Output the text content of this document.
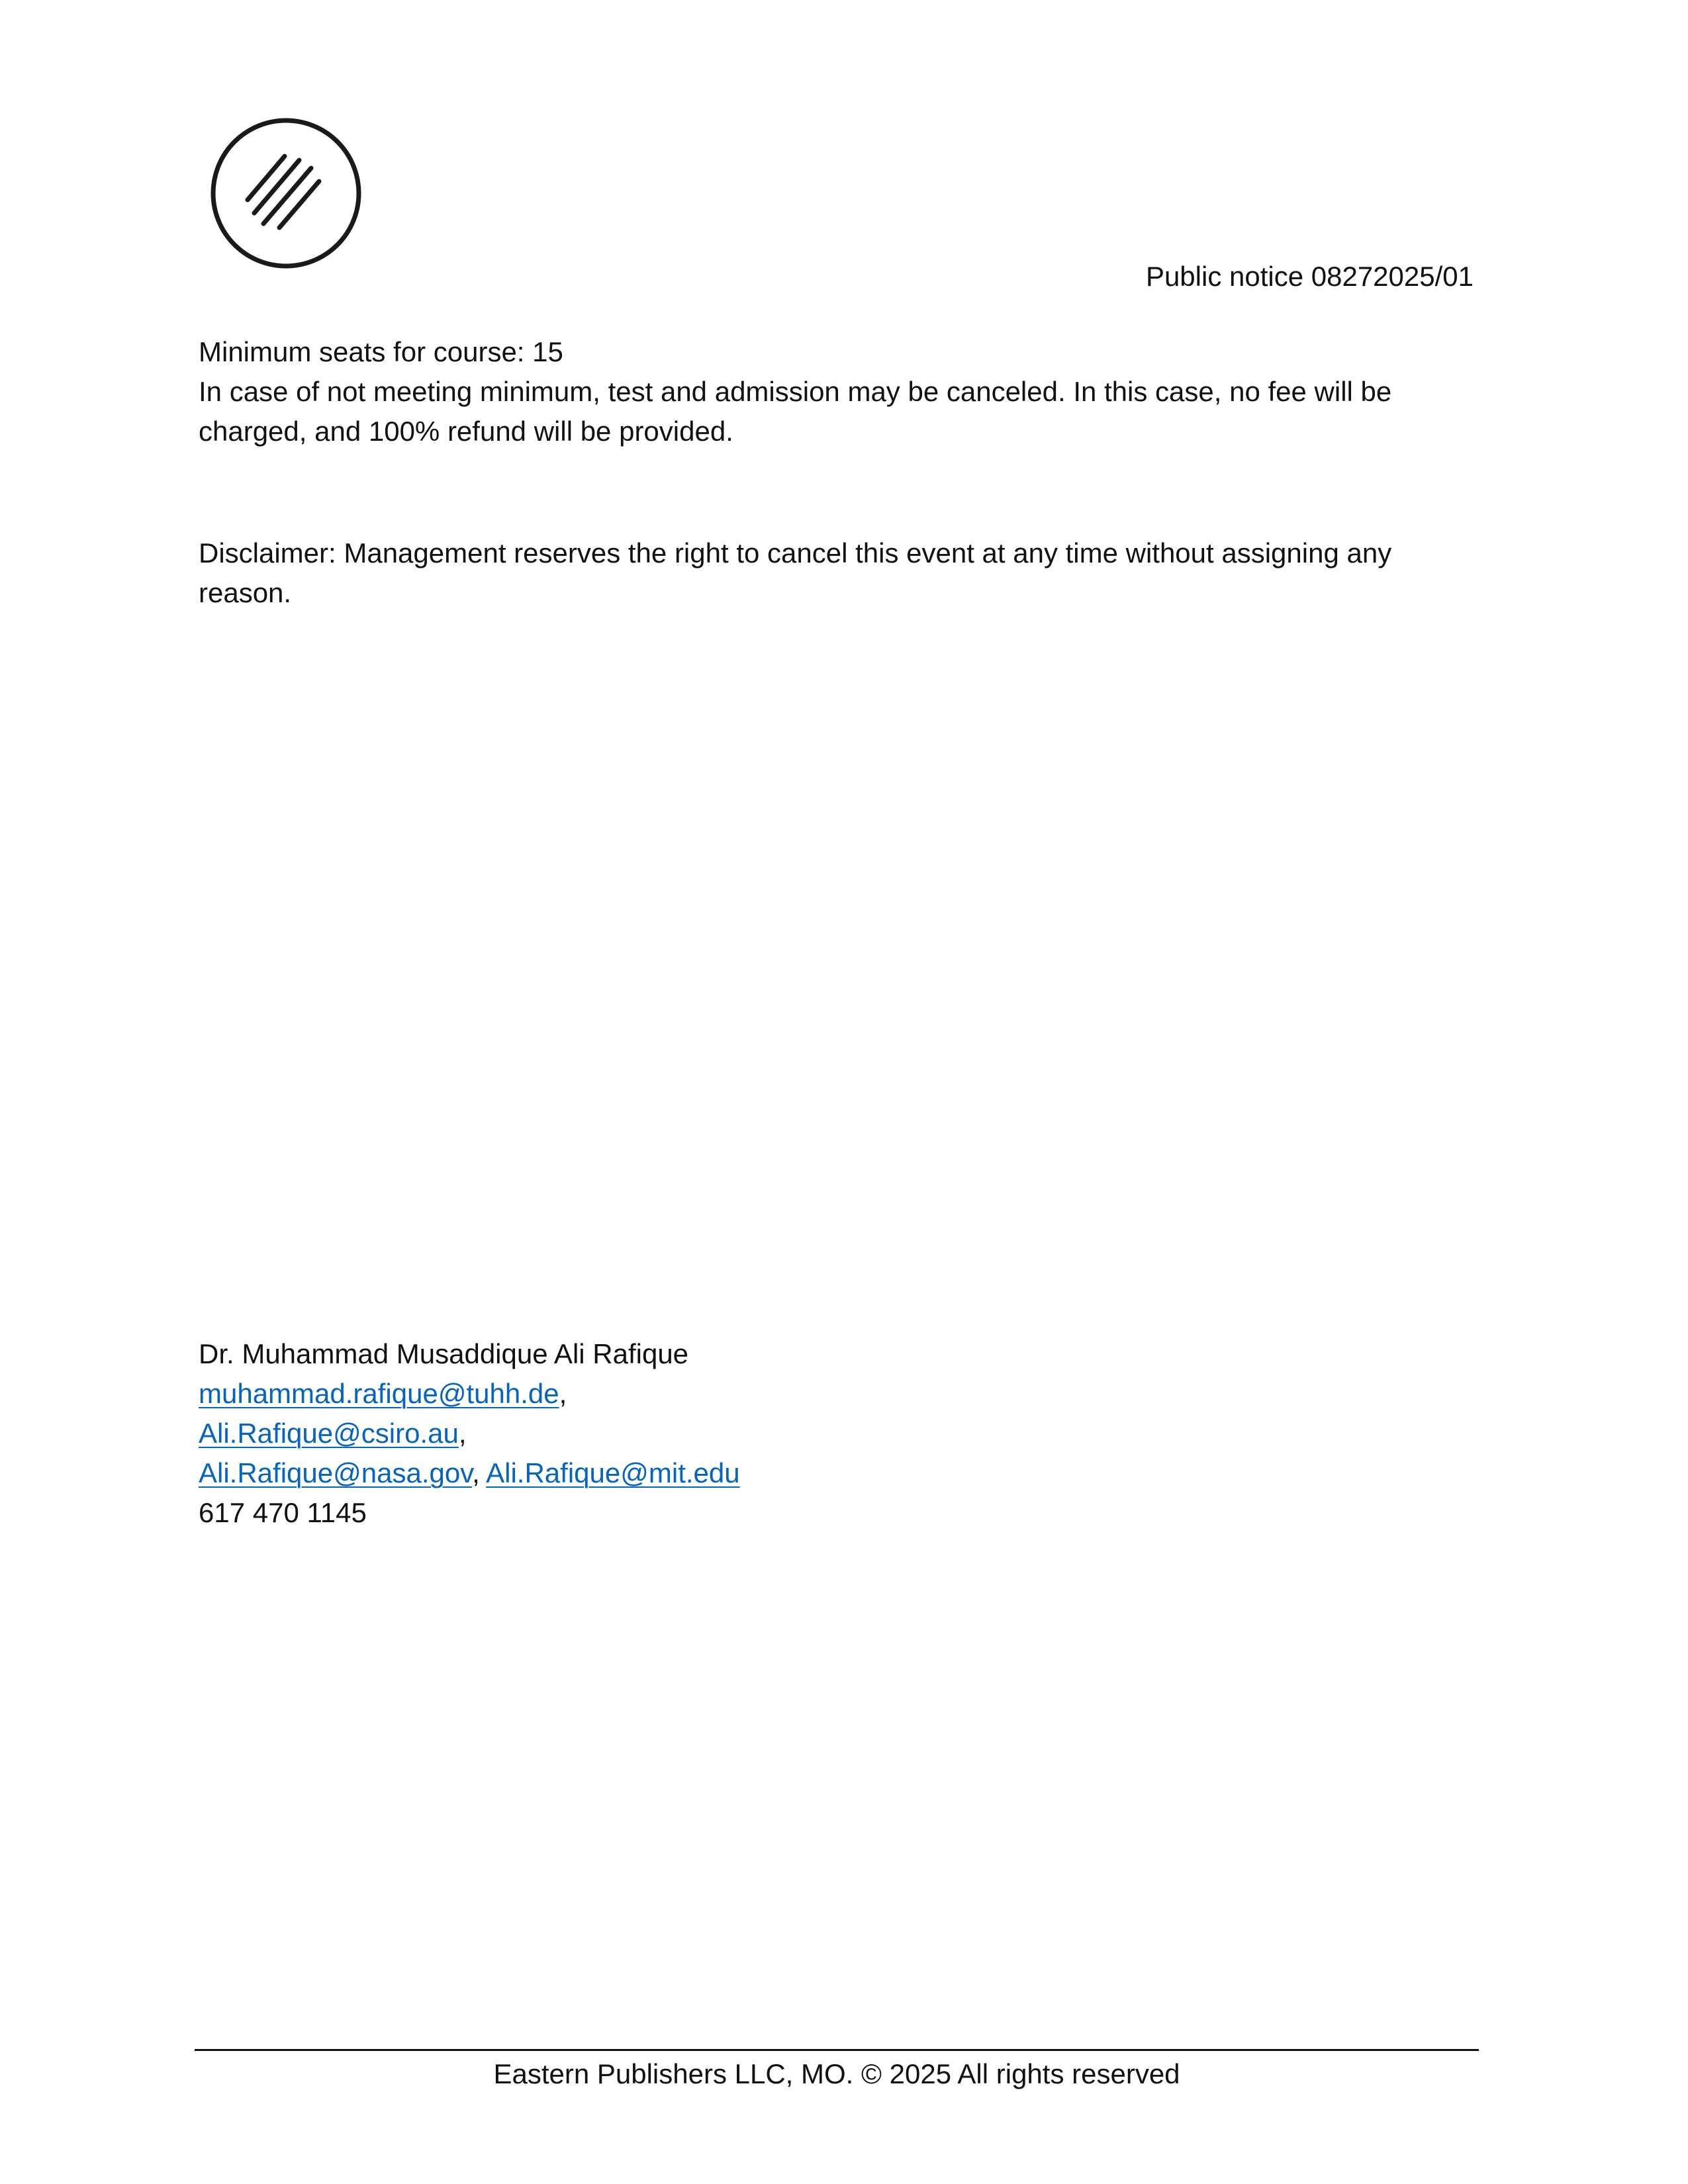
Public notice 08272025/01

Minimum seats for course: 15

In case of not meeting minimum, test and admission may be canceled. In this case, no fee will be charged, and 100% refund will be provided.

Disclaimer: Management reserves the right to cancel this event at any time without assigning any reason.

Dr. Muhammad Musaddique Ali Rafique

muhammad.rafique@tuhh.de,

Ali.Rafique@csiro.au,

Ali.Rafique@nasa.gov, Ali.Rafique@mit.edu

617 470 1145

Eastern Publishers LLC, MO. © 2025 All rights reserved
